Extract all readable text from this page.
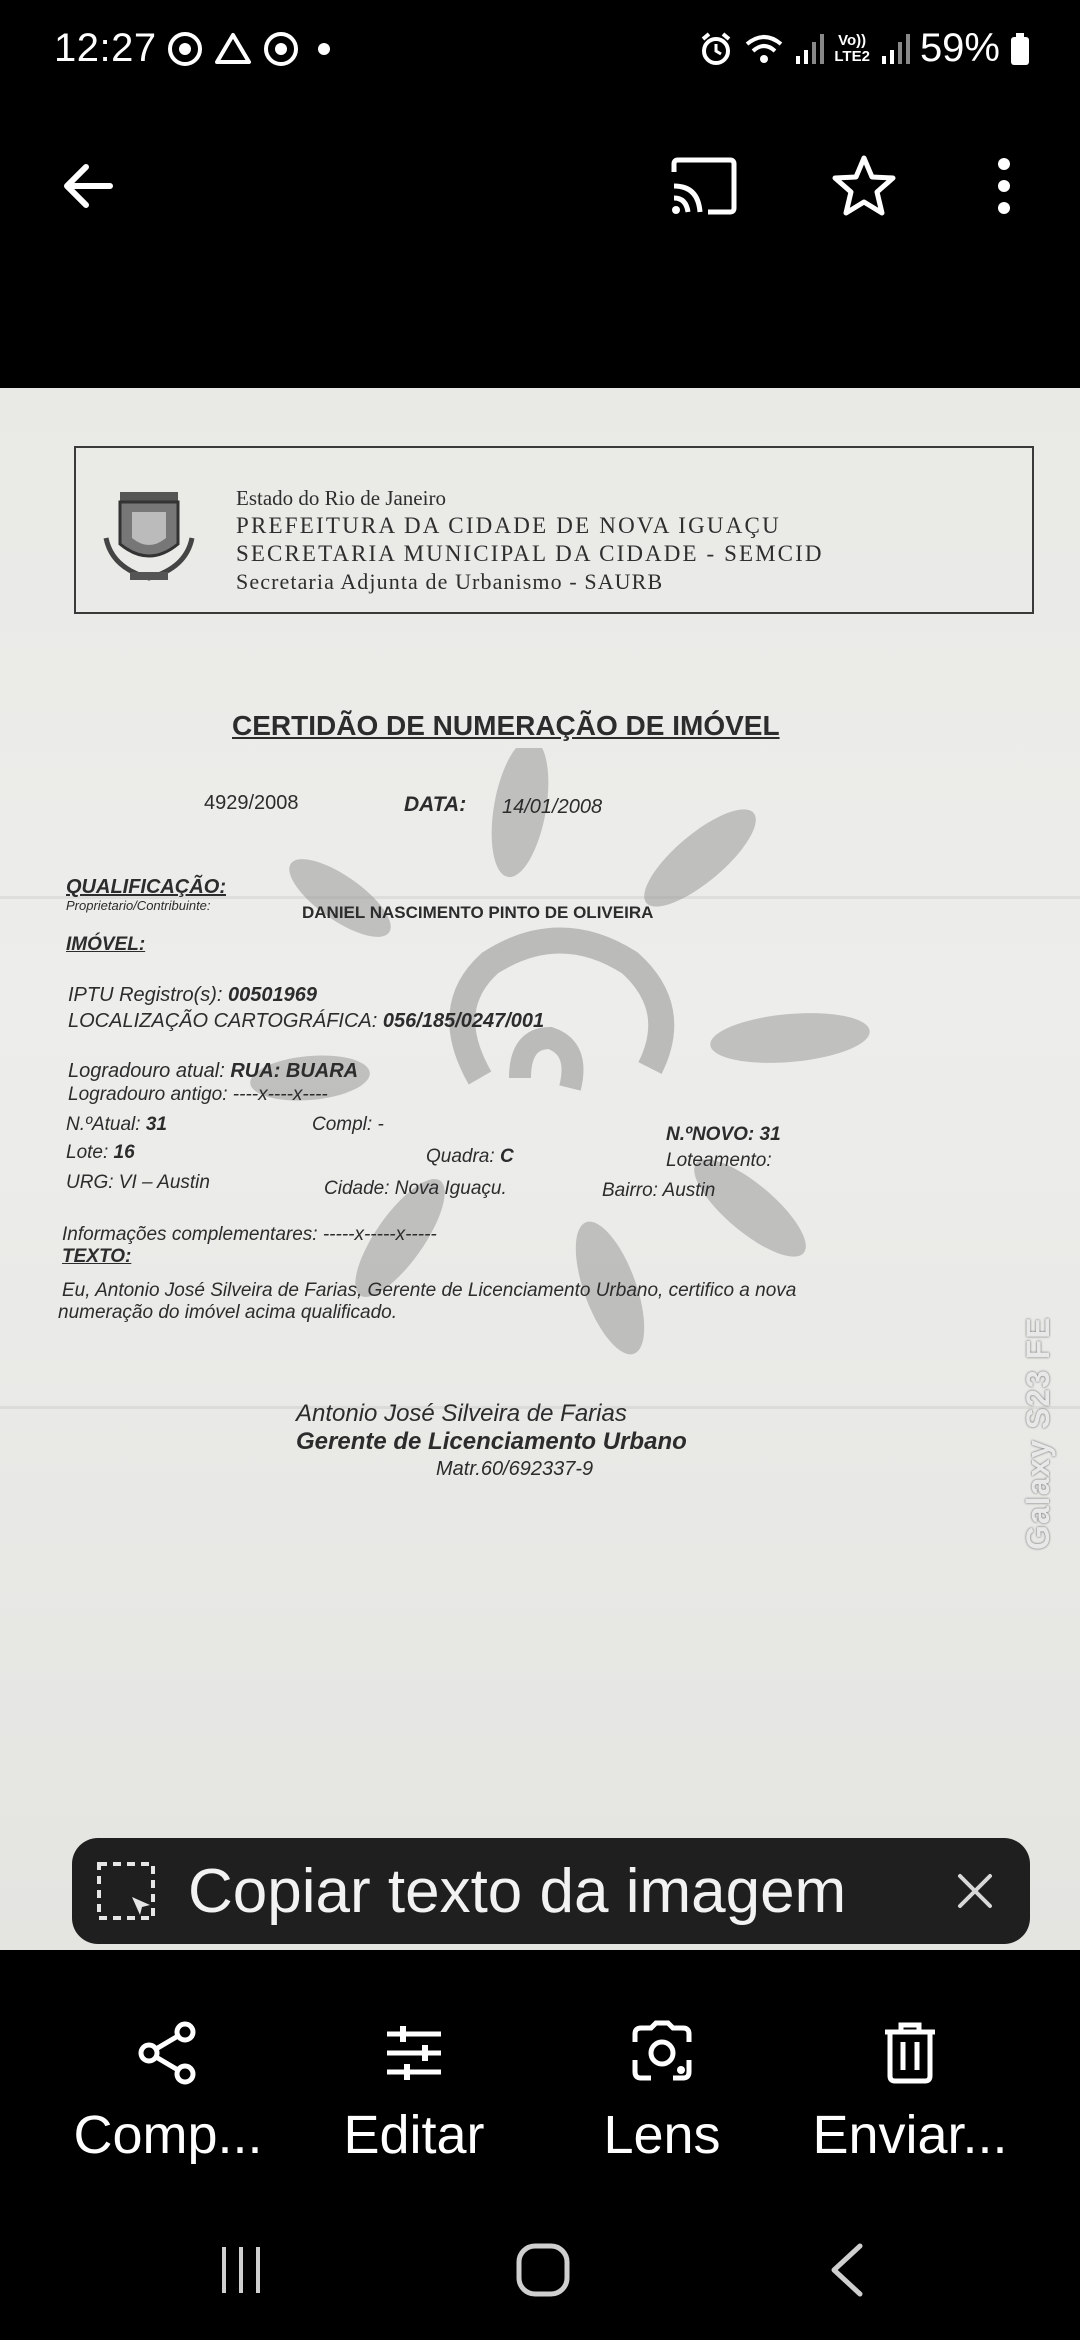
12:27	Vo))
LTE2 59%
Estado do Rio de Janeiro
PREFEITURA DA CIDADE DE NOVA IGUAÇU
SECRETARIA MUNICIPAL DA CIDADE - SEMCID
Secretaria Adjunta de Urbanismo - SAURB
CERTIDÃO DE NUMERAÇÃO DE IMÓVEL
4929/2008	DATA: 14/01/2008
QUALIFICAÇÃO:
Proprietario/Contribuinte:	DANIEL NASCIMENTO PINTO DE OLIVEIRA
IMÓVEL:
IPTU Registro(s): 00501969
LOCALIZAÇÃO CARTOGRÁFICA: 056/185/0247/001
Logradouro atual: RUA: BUARA
Logradouro antigo: ----x----x----
N.ºAtual: 31	Compl: -	N.ºNOVO: 31
Lote: 16	Quadra: C	Loteamento:
URG: VI – Austin	Cidade: Nova Iguaçu.	Bairro: Austin
Informações complementares: -----x-----x-----
TEXTO:
Eu, Antonio José Silveira de Farias, Gerente de Licenciamento Urbano, certifico a nova
numeração do imóvel acima qualificado.
Antonio José Silveira de Farias
Gerente de Licenciamento Urbano
Matr.60/692337-9	Galaxy S23 FE
Copiar texto da imagem
Comp... Editar Lens Enviar...
